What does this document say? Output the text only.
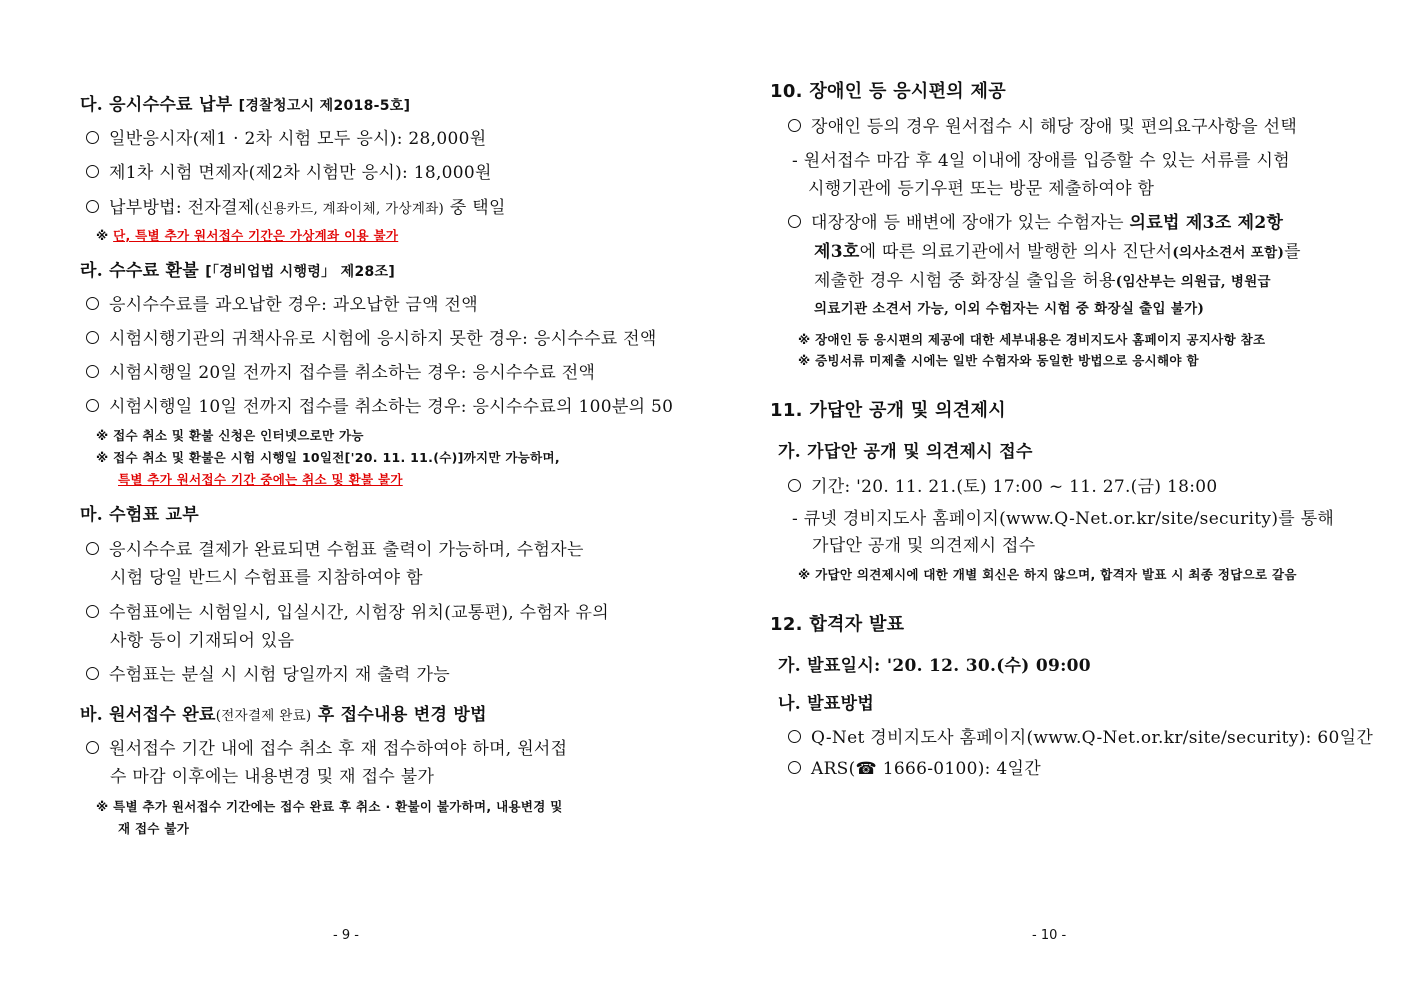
다. 응시수수료 납부 [경찰청고시 제2018-5호]
일반응시자(제1 · 2차 시험 모두 응시): 28,000원
제1차 시험 면제자(제2차 시험만 응시): 18,000원
납부방법: 전자결제(신용카드, 계좌이체, 가상계좌) 중 택일
※ 단, 특별 추가 원서접수 기간은 가상계좌 이용 불가
라. 수수료 환불 [「경비업법 시행령」 제28조]
응시수수료를 과오납한 경우: 과오납한 금액 전액
시험시행기관의 귀책사유로 시험에 응시하지 못한 경우: 응시수수료 전액
시험시행일 20일 전까지 접수를 취소하는 경우: 응시수수료 전액
시험시행일 10일 전까지 접수를 취소하는 경우: 응시수수료의 100분의 50
※ 접수 취소 및 환불 신청은 인터넷으로만 가능
※ 접수 취소 및 환불은 시험 시행일 10일전['20. 11. 11.(수)]까지만 가능하며,
특별 추가 원서접수 기간 중에는 취소 및 환불 불가
마. 수험표 교부
응시수수료 결제가 완료되면 수험표 출력이 가능하며, 수험자는
시험 당일 반드시 수험표를 지참하여야 함
수험표에는 시험일시, 입실시간, 시험장 위치(교통편), 수험자 유의
사항 등이 기재되어 있음
수험표는 분실 시 시험 당일까지 재 출력 가능
바. 원서접수 완료(전자결제 완료) 후 접수내용 변경 방법
원서접수 기간 내에 접수 취소 후 재 접수하여야 하며, 원서접
수 마감 이후에는 내용변경 및 재 접수 불가
※ 특별 추가 원서접수 기간에는 접수 완료 후 취소 · 환불이 불가하며, 내용변경 및
재 접수 불가
- 9 -
10. 장애인 등 응시편의 제공
장애인 등의 경우 원서접수 시 해당 장애 및 편의요구사항을 선택
- 원서접수 마감 후 4일 이내에 장애를 입증할 수 있는 서류를 시험
시행기관에 등기우편 또는 방문 제출하여야 함
대장장애 등 배변에 장애가 있는 수험자는 의료법 제3조 제2항
제3호에 따른 의료기관에서 발행한 의사 진단서(의사소견서 포함)를
제출한 경우 시험 중 화장실 출입을 허용(임산부는 의원급, 병원급
의료기관 소견서 가능, 이외 수험자는 시험 중 화장실 출입 불가)
※ 장애인 등 응시편의 제공에 대한 세부내용은 경비지도사 홈페이지 공지사항 참조
※ 증빙서류 미제출 시에는 일반 수험자와 동일한 방법으로 응시해야 함
11. 가답안 공개 및 의견제시
가. 가답안 공개 및 의견제시 접수
기간: '20. 11. 21.(토) 17:00 ~ 11. 27.(금) 18:00
- 큐넷 경비지도사 홈페이지(www.Q-Net.or.kr/site/security)를 통해
가답안 공개 및 의견제시 접수
※ 가답안 의견제시에 대한 개별 회신은 하지 않으며, 합격자 발표 시 최종 정답으로 갈음
12. 합격자 발표
가. 발표일시: '20. 12. 30.(수) 09:00
나. 발표방법
Q-Net 경비지도사 홈페이지(www.Q-Net.or.kr/site/security): 60일간
ARS(☎ 1666-0100): 4일간
- 10 -
